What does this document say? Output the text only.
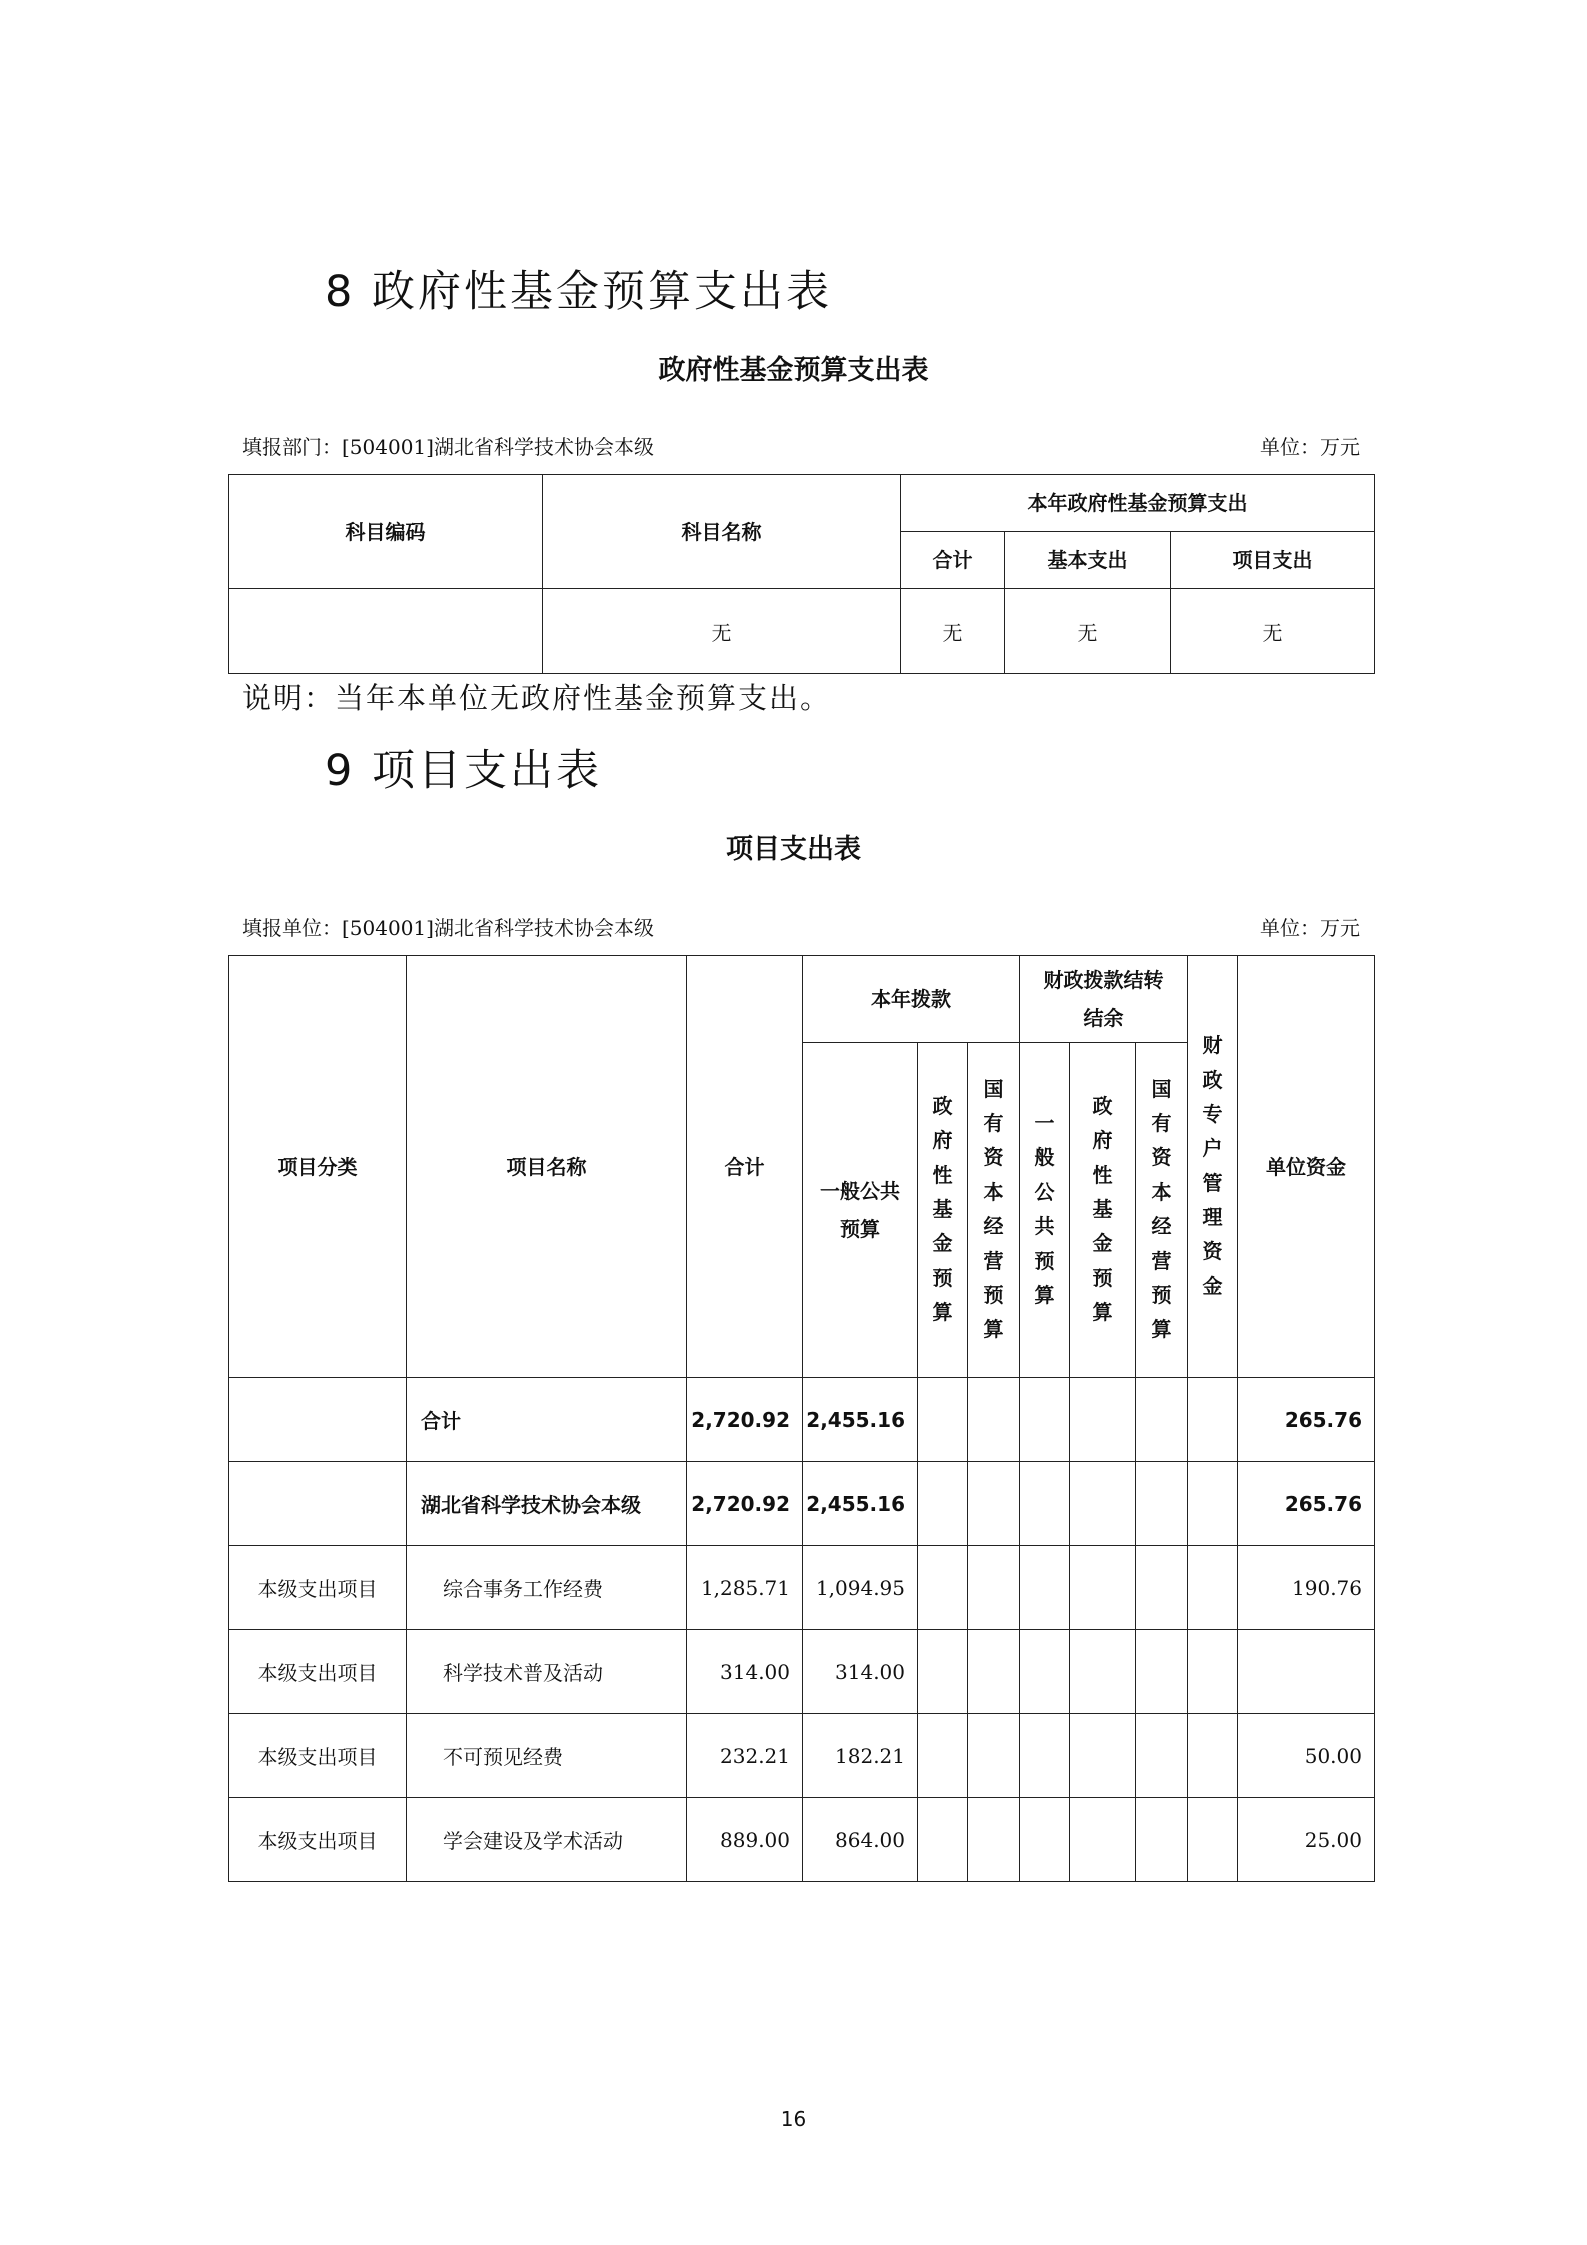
8 政府性基金预算支出表
政府性基金预算支出表
填报部门：[504001]湖北省科学技术协会本级	单位：万元
科目编码	科目名称	本年政府性基金预算支出		
		合计	基本支出	项目支出
	无	无	无	无
说明：当年本单位无政府性基金预算支出。
9 项目支出表
项目支出表
填报单位：[504001]湖北省科学技术协会本级	单位：万元
项目分类	项目名称	合计	本年拨款			财政拨款结转结余			财政专户管理资金	单位资金
			一般公共预算	政府性基金预算	国有资本经营预算	一般公共预算	政府性基金预算	国有资本经营预算		
	合计	2,720.92	2,455.16							265.76
	湖北省科学技术协会本级	2,720.92	2,455.16							265.76
本级支出项目	综合事务工作经费	1,285.71	1,094.95							190.76
本级支出项目	科学技术普及活动	314.00	314.00							
本级支出项目	不可预见经费	232.21	182.21							50.00
本级支出项目	学会建设及学术活动	889.00	864.00							25.00
16
